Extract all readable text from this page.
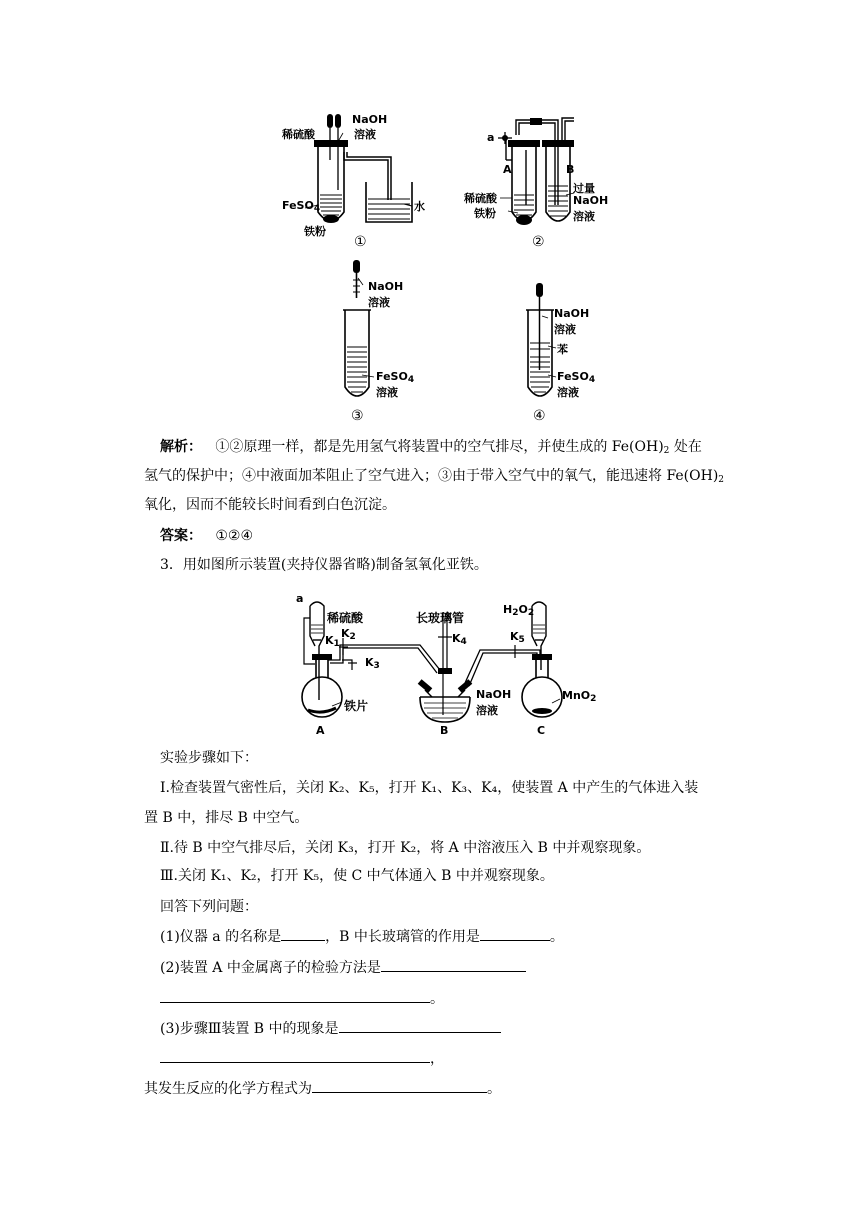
NaOH
溶液
稀硫酸
FeSO$_4$
铁粉
水
①
a
A	B
稀硫酸
铁粉
过量
NaOH
溶液
②
NaOH
溶液
FeSO$_4$
溶液
③
NaOH
溶液
苯
FeSO$_4$
溶液
④
解析： ①②原理一样，都是先用氢气将装置中的空气排尽，并使生成的 $Fe(OH)_2$ 处在
氢气的保护中；④中液面加苯阻止了空气进入；③由于带入空气中的氧气，能迅速将 $Fe(OH)_2$
氧化，因而不能较长时间看到白色沉淀。
答案： ①②④
3．用如图所示装置(夹持仪器省略)制备氢氧化亚铁。
a
稀硫酸	长玻璃管
$H_2O_2$
$K_1$
$K_2$
$K_3$
$K_4$	$K_5$
铁片
NaOH
溶液
MnO$_2$
A	B	C
实验步骤如下：
Ⅰ.检查装置气密性后，关闭 K₂、K₅，打开 K₁、K₃、K₄，使装置 A 中产生的气体进入装
置 B 中，排尽 B 中空气。
Ⅱ.待 B 中空气排尽后，关闭 K₃，打开 K₂，将 A 中溶液压入 B 中并观察现象。
Ⅲ.关闭 K₁、K₂，打开 K₅，使 C 中气体通入 B 中并观察现象。
回答下列问题：
(1)仪器 a 的名称是	，B 中长玻璃管的作用是	。
(2)装置 A 中金属离子的检验方法是
。
(3)步骤Ⅲ装置 B 中的现象是
，
其发生反应的化学方程式为	。
